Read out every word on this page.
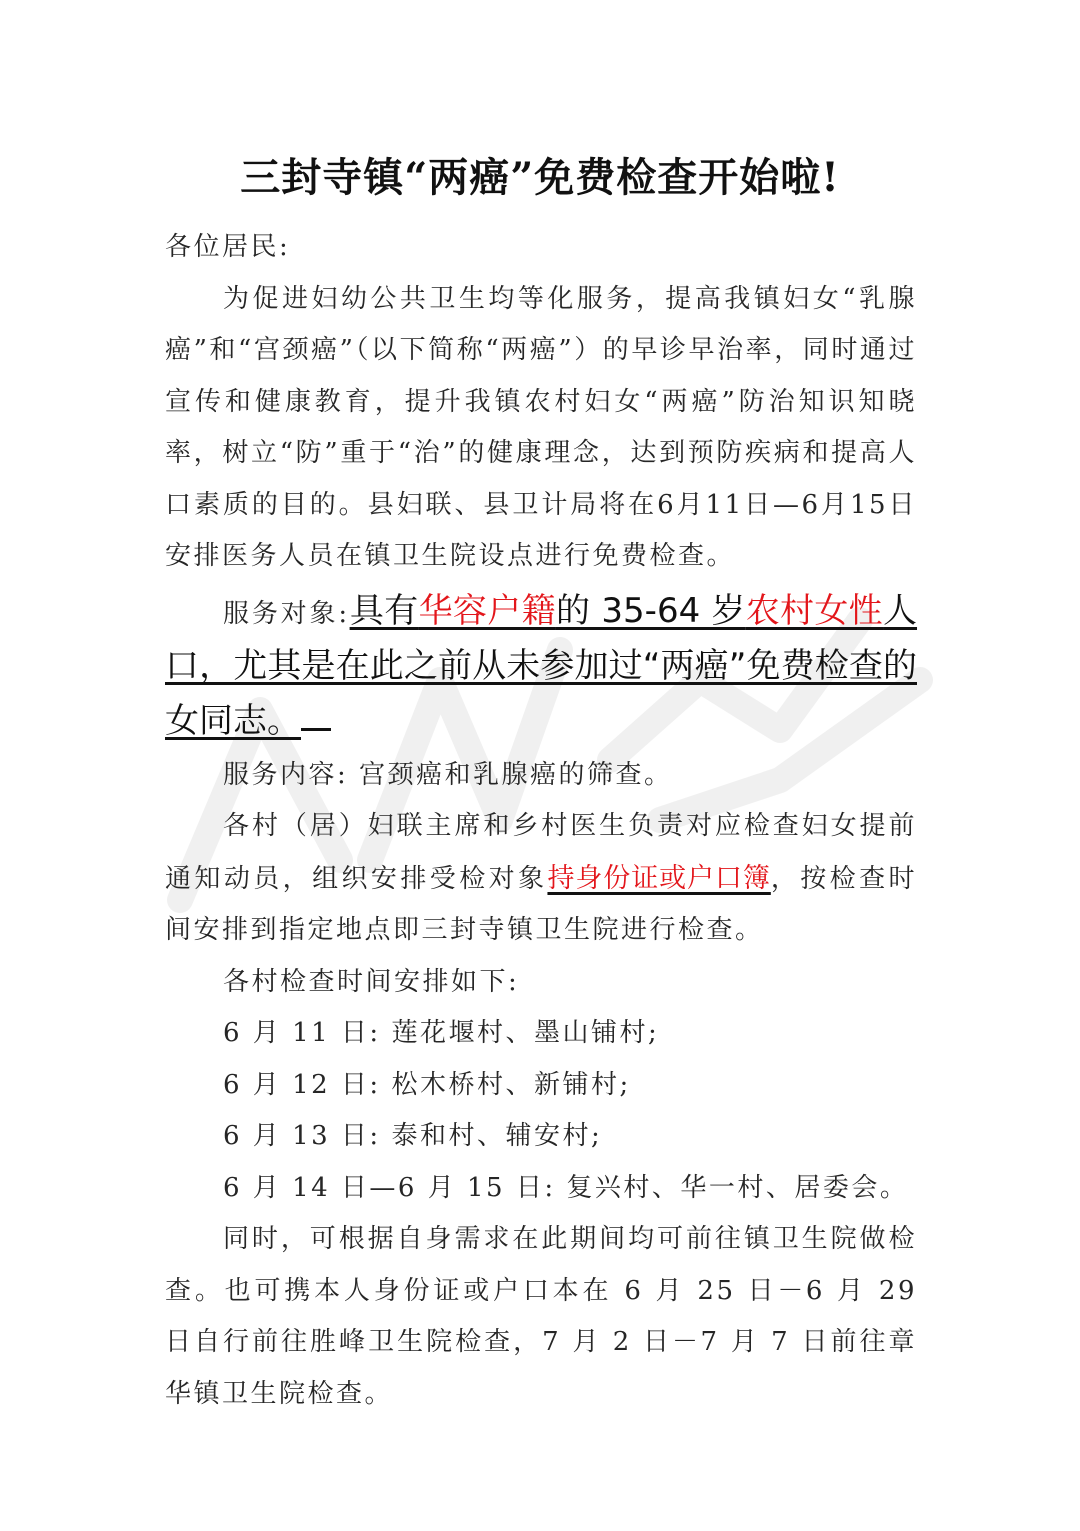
三封寺镇“两癌”免费检查开始啦!

各位居民:

为促进妇幼公共卫生均等化服务，提高我镇妇女“乳腺癌”和“宫颈癌”（以下简称“两癌”）的早诊早治率，同时通过宣传和健康教育，提升我镇农村妇女“两癌”防治知识知晓率，树立“防”重于“治”的健康理念，达到预防疾病和提高人口素质的目的。县妇联、县卫计局将在6月11日—6月15日安排医务人员在镇卫生院设点进行免费检查。

服务对象:具有华容户籍的 35-64 岁农村女性人口，尤其是在此之前从未参加过“两癌”免费检查的女同志。

服务内容: 宫颈癌和乳腺癌的筛查。

各村（居）妇联主席和乡村医生负责对应检查妇女提前通知动员，组织安排受检对象持身份证或户口簿，按检查时间安排到指定地点即三封寺镇卫生院进行检查。

各村检查时间安排如下:

6 月 11 日: 莲花堰村、墨山铺村;

6 月 12 日: 松木桥村、新铺村;

6 月 13 日: 泰和村、辅安村;

6 月 14 日—6 月 15 日: 复兴村、华一村、居委会。

同时，可根据自身需求在此期间均可前往镇卫生院做检查。也可携本人身份证或户口本在 6 月 25 日－6 月 29 日自行前往胜峰卫生院检查，7 月 2 日－7 月 7 日前往章华镇卫生院检查。
